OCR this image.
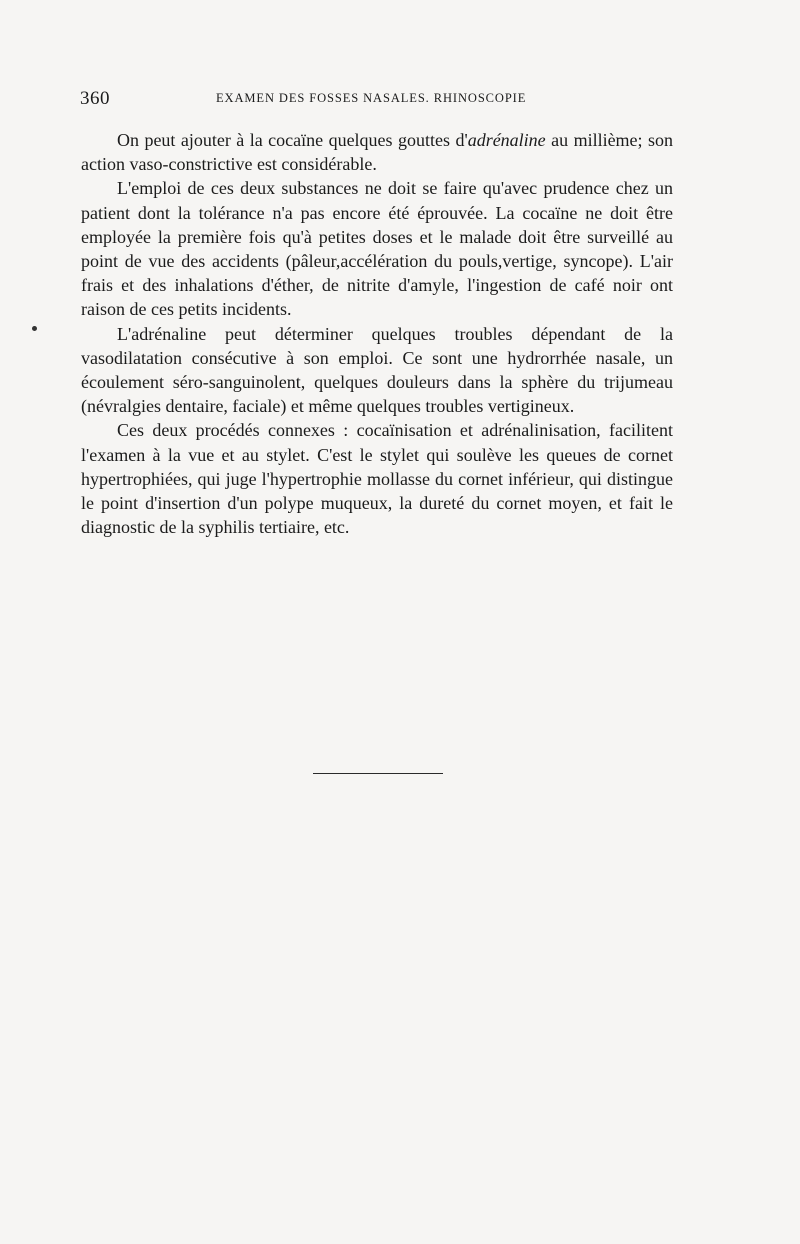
360	EXAMEN DES FOSSES NASALES. RHINOSCOPIE

On peut ajouter à la cocaïne quelques gouttes d'adrénaline au millième; son action vaso-constrictive est considérable.

L'emploi de ces deux substances ne doit se faire qu'avec prudence chez un patient dont la tolérance n'a pas encore été éprouvée. La cocaïne ne doit être employée la première fois qu'à petites doses et le malade doit être surveillé au point de vue des accidents (pâleur,accélération du pouls,vertige, syncope). L'air frais et des inhalations d'éther, de nitrite d'amyle, l'ingestion de café noir ont raison de ces petits incidents.

L'adrénaline peut déterminer quelques troubles dépendant de la vasodilatation consécutive à son emploi. Ce sont une hydrorrhée nasale, un écoulement séro-sanguinolent, quelques douleurs dans la sphère du trijumeau (névralgies dentaire, faciale) et même quelques troubles vertigineux.

Ces deux procédés connexes : cocaïnisation et adrénalinisation, facilitent l'examen à la vue et au stylet. C'est le stylet qui soulève les queues de cornet hypertrophiées, qui juge l'hypertrophie mollasse du cornet inférieur, qui distingue le point d'insertion d'un polype muqueux, la dureté du cornet moyen, et fait le diagnostic de la syphilis tertiaire, etc.
